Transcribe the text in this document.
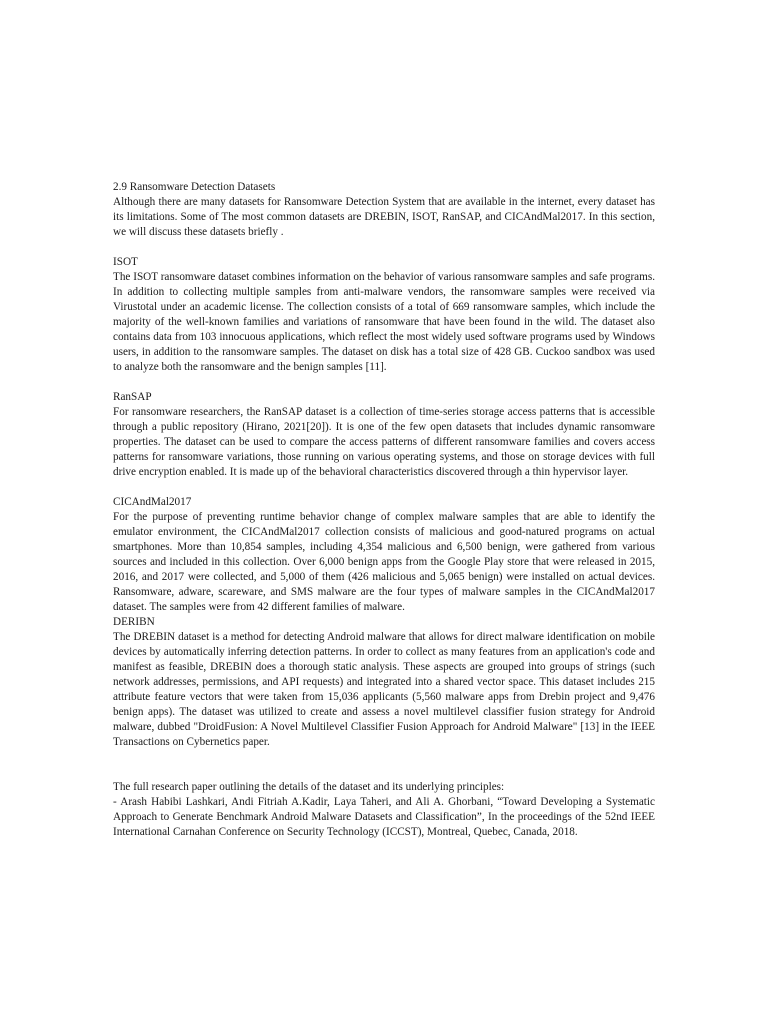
2.9 Ransomware Detection Datasets

Although there are many datasets for Ransomware Detection System that are available in the internet, every dataset has its limitations. Some of The most common datasets are DREBIN, ISOT, RanSAP, and CICAndMal2017. In this section, we will discuss these datasets briefly .

ISOT

The ISOT ransomware dataset combines information on the behavior of various ransomware samples and safe programs. In addition to collecting multiple samples from anti-malware vendors, the ransomware samples were received via Virustotal under an academic license. The collection consists of a total of 669 ransomware samples, which include the majority of the well-known families and variations of ransomware that have been found in the wild. The dataset also contains data from 103 innocuous applications, which reflect the most widely used software programs used by Windows users, in addition to the ransomware samples. The dataset on disk has a total size of 428 GB. Cuckoo sandbox was used to analyze both the ransomware and the benign samples [11].

RanSAP

For ransomware researchers, the RanSAP dataset is a collection of time-series storage access patterns that is accessible through a public repository (Hirano, 2021[20]). It is one of the few open datasets that includes dynamic ransomware properties. The dataset can be used to compare the access patterns of different ransomware families and covers access patterns for ransomware variations, those running on various operating systems, and those on storage devices with full drive encryption enabled. It is made up of the behavioral characteristics discovered through a thin hypervisor layer.

CICAndMal2017

For the purpose of preventing runtime behavior change of complex malware samples that are able to identify the emulator environment, the CICAndMal2017 collection consists of malicious and good-natured programs on actual smartphones. More than 10,854 samples, including 4,354 malicious and 6,500 benign, were gathered from various sources and included in this collection. Over 6,000 benign apps from the Google Play store that were released in 2015, 2016, and 2017 were collected, and 5,000 of them (426 malicious and 5,065 benign) were installed on actual devices. Ransomware, adware, scareware, and SMS malware are the four types of malware samples in the CICAndMal2017 dataset. The samples were from 42 different families of malware.

DERIBN

The DREBIN dataset is a method for detecting Android malware that allows for direct malware identification on mobile devices by automatically inferring detection patterns. In order to collect as many features from an application's code and manifest as feasible, DREBIN does a thorough static analysis. These aspects are grouped into groups of strings (such network addresses, permissions, and API requests) and integrated into a shared vector space. This dataset includes 215 attribute feature vectors that were taken from 15,036 applicants (5,560 malware apps from Drebin project and 9,476 benign apps). The dataset was utilized to create and assess a novel multilevel classifier fusion strategy for Android malware, dubbed "DroidFusion: A Novel Multilevel Classifier Fusion Approach for Android Malware" [13] in the IEEE Transactions on Cybernetics paper.

The full research paper outlining the details of the dataset and its underlying principles:

- Arash Habibi Lashkari, Andi Fitriah A.Kadir, Laya Taheri, and Ali A. Ghorbani, “Toward Developing a Systematic Approach to Generate Benchmark Android Malware Datasets and Classification”, In the proceedings of the 52nd IEEE International Carnahan Conference on Security Technology (ICCST), Montreal, Quebec, Canada, 2018.
